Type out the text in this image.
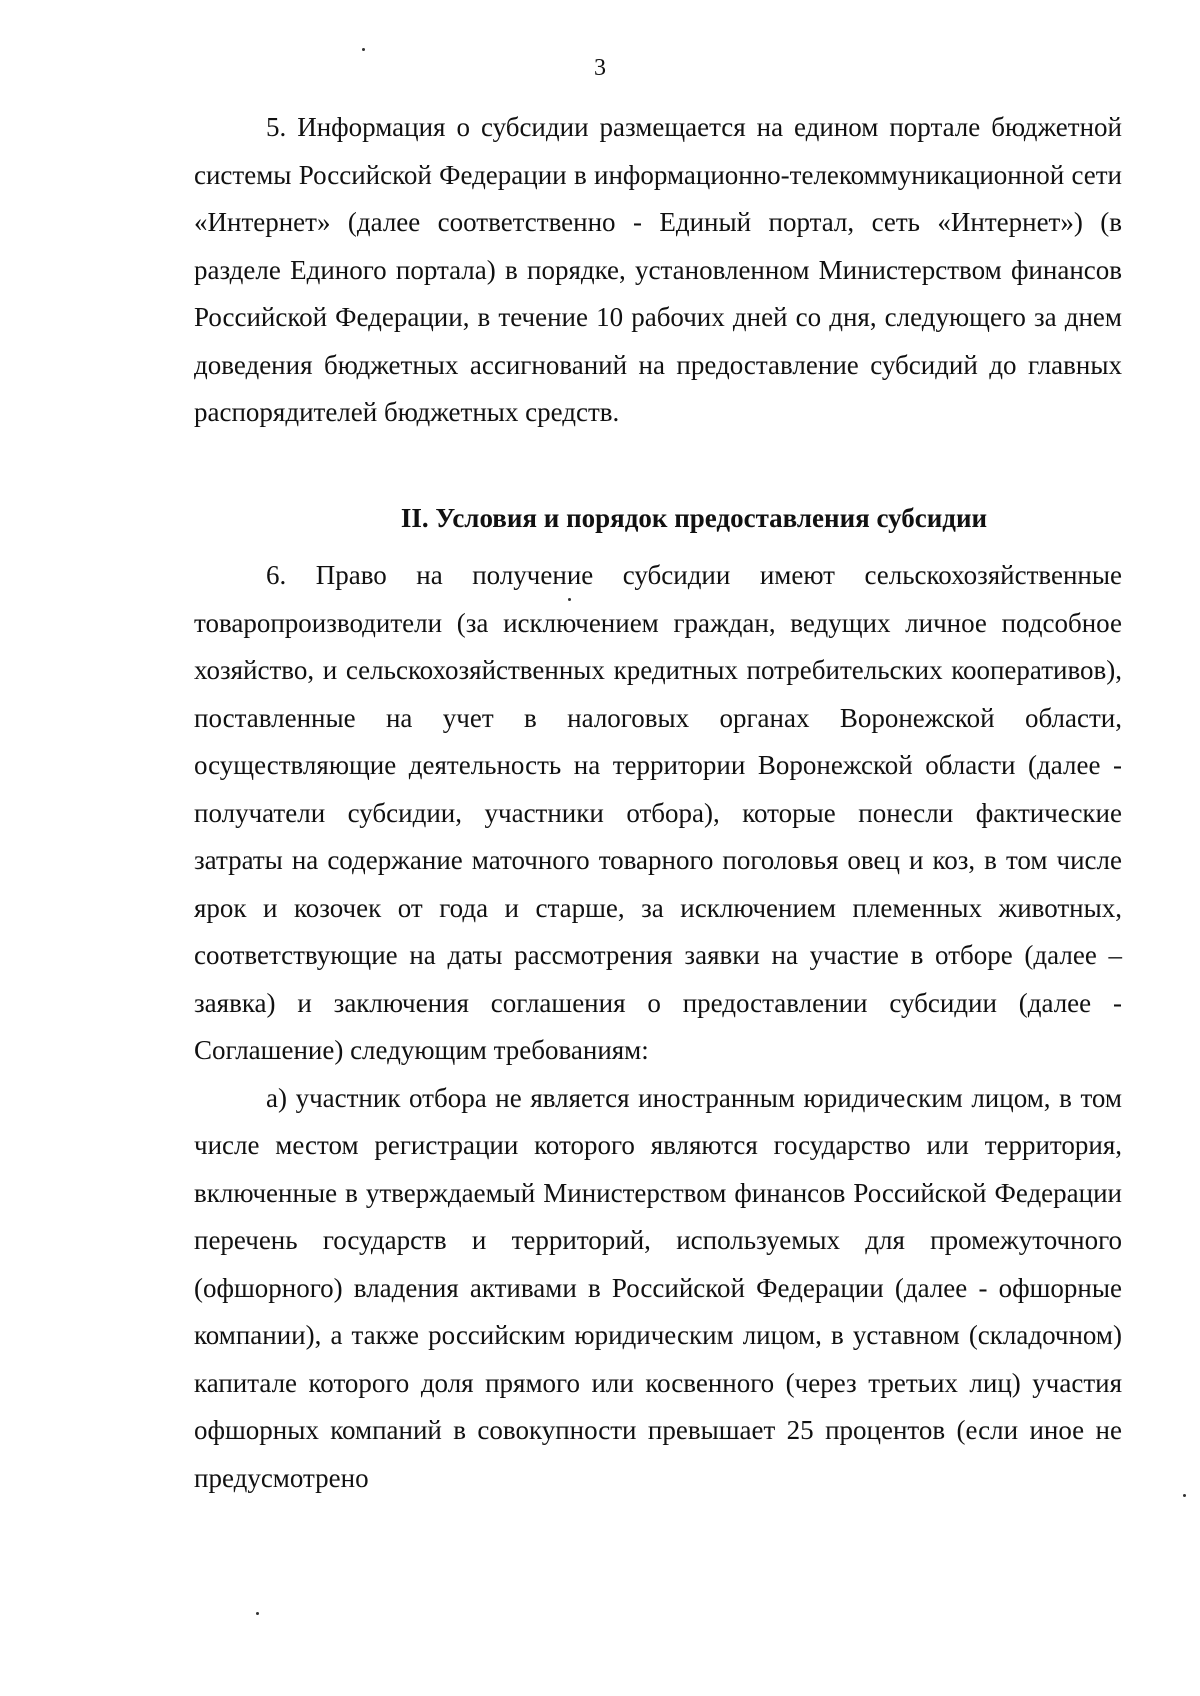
3

5. Информация о субсидии размещается на едином портале бюджетной системы Российской Федерации в информационно-телекоммуникационной сети «Интернет» (далее соответственно - Единый портал, сеть «Интернет») (в разделе Единого портала) в порядке, установленном Министерством финансов Российской Федерации, в течение 10 рабочих дней со дня, следующего за днем доведения бюджетных ассигнований на предоставление субсидий до главных распорядителей бюджетных средств.

II. Условия и порядок предоставления субсидии

6. Право на получение субсидии имеют сельскохозяйственные товаропроизводители (за исключением граждан, ведущих личное подсобное хозяйство, и сельскохозяйственных кредитных потребительских кооперативов), поставленные на учет в налоговых органах Воронежской области, осуществляющие деятельность на территории Воронежской области (далее - получатели субсидии, участники отбора), которые понесли фактические затраты на содержание маточного товарного поголовья овец и коз, в том числе ярок и козочек от года и старше, за исключением племенных животных, соответствующие на даты рассмотрения заявки на участие в отборе (далее – заявка) и заключения соглашения о предоставлении субсидии (далее - Соглашение) следующим требованиям:

а) участник отбора не является иностранным юридическим лицом, в том числе местом регистрации которого являются государство или территория, включенные в утверждаемый Министерством финансов Российской Федерации перечень государств и территорий, используемых для промежуточного (офшорного) владения активами в Российской Федерации (далее - офшорные компании), а также российским юридическим лицом, в уставном (складочном) капитале которого доля прямого или косвенного (через третьих лиц) участия офшорных компаний в совокупности превышает 25 процентов (если иное не предусмотрено
